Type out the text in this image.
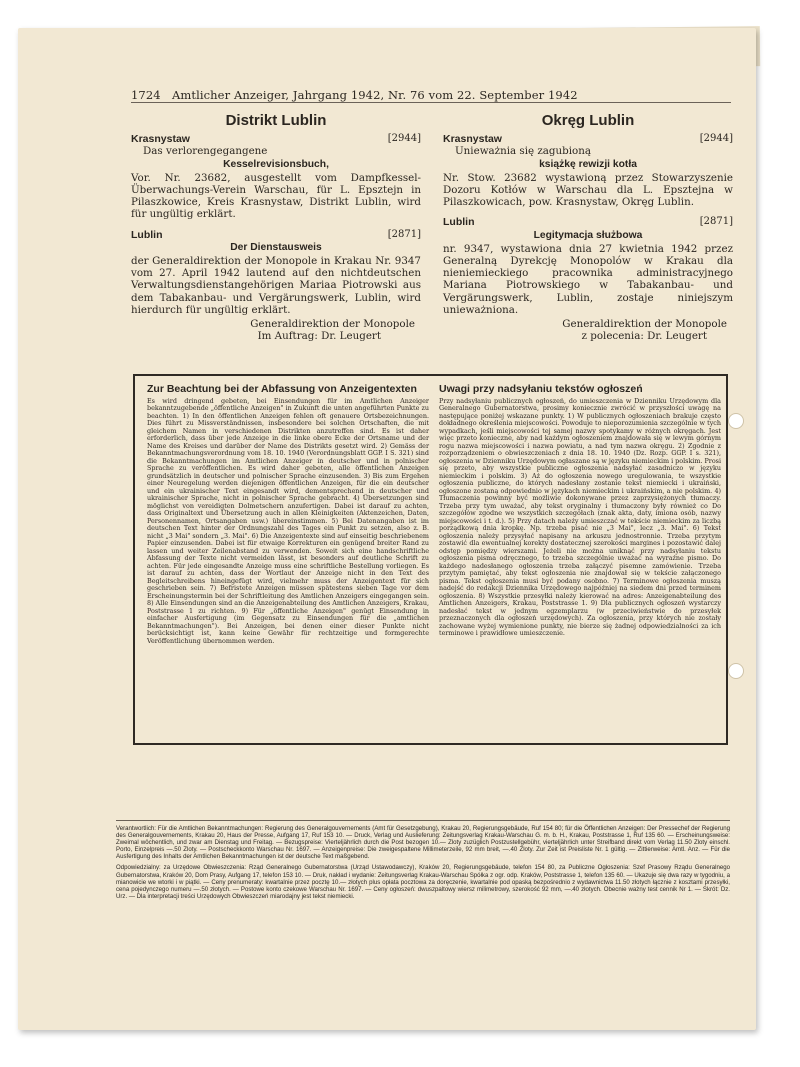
1724 Amtlicher Anzeiger, Jahrgang 1942, Nr. 76 vom 22. September 1942
Distrikt Lublin
Krasnystaw	[2944]

Das verlorengegangene

Kesselrevisionsbuch,

Vor. Nr. 23682, ausgestellt vom Dampfkessel-Überwachungs-Verein Warschau, für L. Epsztejn in Pilaszkowice, Kreis Krasnystaw, Distrikt Lublin, wird für ungültig erklärt.

Lublin	[2871]
Der Dienstausweis

der Generaldirektion der Monopole in Krakau Nr. 9347 vom 27. April 1942 lautend auf den nichtdeutschen Verwaltungsdienstangehörigen Mariaa Piotrowski aus dem Tabakanbau- und Vergärungswerk, Lublin, wird hierdurch für ungültig erklärt.

Generaldirektion der Monopole
Im Auftrag: Dr. Leugert
Okręg Lublin
Krasnystaw	[2944]

Unieważnia się zagubioną

książkę rewizji kotła

Nr. Stow. 23682 wystawioną przez Stowarzyszenie Dozoru Kotłów w Warschau dla L. Epsztejna w Pilaszkowicach, pow. Krasnystaw, Okręg Lublin.

Lublin	[2871]
Legitymacja służbowa

nr. 9347, wystawiona dnia 27 kwietnia 1942 przez Generalną Dyrekcję Monopolów w Krakau dla nieniemieckiego pracownika administracyjnego Mariana Piotrowskiego w Tabakanbau- und Vergärungswerk, Lublin, zostaje niniejszym unieważniona.

Generaldirektion der Monopole
z polecenia: Dr. Leugert
Zur Beachtung bei der Abfassung von Anzeigentexten

Es wird dringend gebeten, bei Einsendungen für im Amtlichen Anzeiger bekanntzugebende „öffentliche Anzeigen" in Zukunft die unten angeführten Punkte zu beachten. 1) In den öffentlichen Anzeigen fehlen oft genauere Ortsbezeichnungen. Dies führt zu Missverständnissen, insbesondere bei solchen Ortschaften, die mit gleichem Namen in verschiedenen Distrikten anzutreffen sind. Es ist daher erforderlich, dass über jede Anzeige in die linke obere Ecke der Ortsname und der Name des Kreises und darüber der Name des Distrikts gesetzt wird. 2) Gemäss der Bekanntmachungsverordnung vom 18. 10. 1940 (Verordnungsblatt GGP. I S. 321) sind die Bekanntmachungen im Amtlichen Anzeiger in deutscher und in polnischer Sprache zu veröffentlichen. Es wird daher gebeten, alle öffentlichen Anzeigen grundsätzlich in deutscher und polnischer Sprache einzusenden. 3) Bis zum Ergehen einer Neuregelung werden diejenigen öffentlichen Anzeigen, für die ein deutscher und ein ukrainischer Text eingesandt wird, dementsprechend in deutscher und ukrainischer Sprache, nicht in polnischer Sprache gebracht. 4) Übersetzungen sind möglichst von vereidigten Dolmetschern anzufertigen. Dabei ist darauf zu achten, dass Originaltext und Übersetzung auch in allen Kleinigkeiten (Aktenzeichen, Daten, Personennamen, Ortsangaben usw.) übereinstimmen. 5) Bei Datenangaben ist im deutschen Text hinter der Ordnungszahl des Tages ein Punkt zu setzen, also z. B. nicht „3 Mai" sondern „3. Mai". 6) Die Anzeigentexte sind auf einseitig beschriebenem Papier einzusenden. Dabei ist für etwaige Korrekturen ein genügend breiter Rand zu lassen und weiter Zeilenabstand zu verwenden. Soweit sich eine handschriftliche Abfassung der Texte nicht vermeiden lässt, ist besonders auf deutliche Schrift zu achten. Für jede eingesandte Anzeige muss eine schriftliche Bestellung vorliegen. Es ist darauf zu achten, dass der Wortlaut der Anzeige nicht in den Text des Begleitschreibens hineingefügt wird, vielmehr muss der Anzeigentext für sich geschrieben sein. 7) Befristete Anzeigen müssen spätestens sieben Tage vor dem Erscheinungstermin bei der Schriftleitung des Amtlichen Anzeigers eingegangen sein. 8) Alle Einsendungen sind an die Anzeigenabteilung des Amtlichen Anzeigers, Krakau, Poststrasse 1 zu richten. 9) Für „öffentliche Anzeigen" genügt Einsendung in einfacher Ausfertigung (im Gegensatz zu Einsendungen für die „amtlichen Bekanntmachungen"). Bei Anzeigen, bei denen einer dieser Punkte nicht berücksichtigt ist, kann keine Gewähr für rechtzeitige und formgerechte Veröffentlichung übernommen werden.

Uwagi przy nadsyłaniu tekstów ogłoszeń

Przy nadsyłaniu publicznych ogłoszeń, do umieszczenia w Dzienniku Urzędowym dla Generalnego Gubernatorstwa, prosimy koniecznie zwrócić w przyszłości uwagę na następujące poniżej wskazane punkty. 1) W publicznych ogłoszeniach brakuje często dokładnego określenia miejscowości. Powoduje to nieporozumienia szczególnie w tych wypadkach, jeśli miejscowości tej samej nazwy spotykamy w różnych okręgach. Jest więc przeto konieczne, aby nad każdym ogłoszeniem znajdowała się w lewym górnym rogu nazwa miejscowości i nazwa powiatu, a nad tym nazwa okręgu. 2) Zgodnie z rozporządzeniem o obwieszczeniach z dnia 18. 10. 1940 (Dz. Rozp. GGP. I s. 321), ogłoszenia w Dzienniku Urzędowym ogłaszane są w języku niemieckim i polskim. Prosi się przeto, aby wszystkie publiczne ogłoszenia nadsyłać zasadniczo w języku niemieckim i polskim. 3) Aż do ogłoszenia nowego uregulowania, te wszystkie ogłoszenia publiczne, do których nadesłany zostanie tekst niemiecki i ukraiński, ogłoszone zostaną odpowiednio w językach niemieckim i ukraińskim, a nie polskim. 4) Tłumaczenia powinny być możliwie dokonywane przez zaprzysiężonych tłumaczy. Trzeba przy tym uważać, aby tekst oryginalny i tłumaczony były również co Do szczegółów zgodne we wszystkich szczegółach (znak akta, daty, imiona osób, nazwy miejscowości i t. d.). 5) Przy datach należy umieszczać w tekście niemieckim za liczbą porządkową dnia kropkę. Np. trzeba pisać nie „3 Mai", lecz „3. Mai". 6) Tekst ogłoszenia należy przysyłać napisany na arkuszu jednostronnie. Trzeba przytym zostawić dla ewentualnej korekty dostatecznej szerokości margines i pozostawić dalej odstęp pomiędzy wierszami. Jeżeli nie można uniknąć przy nadsyłaniu tekstu ogłoszenia pisma odręcznego, to trzeba szczególnie uważać na wyraźne pismo. Do każdego nadesłanego ogłoszenia trzeba załączyć pisemne zamówienie. Trzeba przytym pamiętać, aby tekst ogłoszenia nie znajdował się w tekście załączonego pisma. Tekst ogłoszenia musi być podany osobno. 7) Terminowe ogłoszenia muszą nadejść do redakcji Dziennika Urzędowego najpóźniej na siedem dni przed terminem ogłoszenia. 8) Wszystkie przesyłki należy kierować na adres: Anzeigenabteilung des Amtlichen Anzeigers, Krakau, Poststrasse 1. 9) Dla publicznych ogłoszeń wystarczy nadesłać tekst w jednym egzemplarzu (w przeciwieństwie do przesyłek przeznaczonych dla ogłoszeń urzędowych). Za ogłoszenia, przy których nie zostały zachowane wyżej wymienione punkty, nie bierze się żadnej odpowiedzialności za ich terminowe i prawidłowe umieszczenie.

Verantwortlich: Für die Amtlichen Bekanntmachungen: Regierung des Generalgouvernements (Amt für Gesetzgebung), Krakau 20, Regierungsgebäude, Ruf 154 80; für die Öffentlichen Anzeigen: Der Pressechef der Regierung des Generalgouvernements, Krakau 20, Haus der Presse, Aufgang 17, Ruf 153 10. — Druck, Verlag und Auslieferung: Zeitungsverlag Krakau-Warschau G. m. b. H., Krakau, Poststrasse 1, Ruf 135 60. — Erscheinungsweise: Zweimal wöchentlich, und zwar am Dienstag und Freitag. — Bezugspreise: Vierteljährlich durch die Post bezogen 10.— Zloty zuzüglich Postzustellgebühr, vierteljährlich unter Streifband direkt vom Verlag 11.50 Zloty einschl. Porto, Einzelpreis —.50 Zloty. — Postscheckkonto Warschau Nr. 1697. — Anzeigenpreise: Die zweigespaltene Millimeterzeile, 92 mm breit, —.40 Zloty. Zur Zeit ist Preisliste Nr. 1 gültig. — Zittierweise: Amtl. Anz. — Für die Ausfertigung des Inhalts der Amtlichen Bekanntmachungen ist der deutsche Text maßgebend.

Odpowiedzialny: za Urzędowe Obwieszczenia: Rząd Generalnego Gubernatorstwa (Urząd Ustawodawczy), Kraków 20, Regierungsgebäude, telefon 154 80, za Publiczne Ogłoszenia: Szef Prasowy Rządu Generalnego Gubernatorstwa, Kraków 20, Dom Prasy, Aufgang 17, telefon 153 10. — Druk, nakład i wydanie: Zeitungsverlag Krakau-Warschau Spółka z ogr. odp. Kraków, Poststrasse 1, telefon 135 60. — Ukazuje się dwa razy w tygodniu, a mianowicie we wtorki i w piątki. — Ceny prenumeraty: kwartalnie przez pocztę 10.— złotych plus opłata pocztowa za doręczenie, kwartalnie pod opaską bezpośrednio z wydawnictwa 11.50 złotych łącznie z kosztami przesyłki, cena pojedynczego numeru —.50 złotych. — Postowe konto czekowe Warschau Nr. 1697. — Ceny ogłoszeń: dwuszpaltowy wiersz milimetrowy, szerokość 92 mm, —.40 złotych. Obecnie ważny test cennik Nr 1. — Skrót: Dz. Urz. — Dla interpretacji treści Urzędowych Obwieszczeń miarodajny jest tekst niemiecki.
